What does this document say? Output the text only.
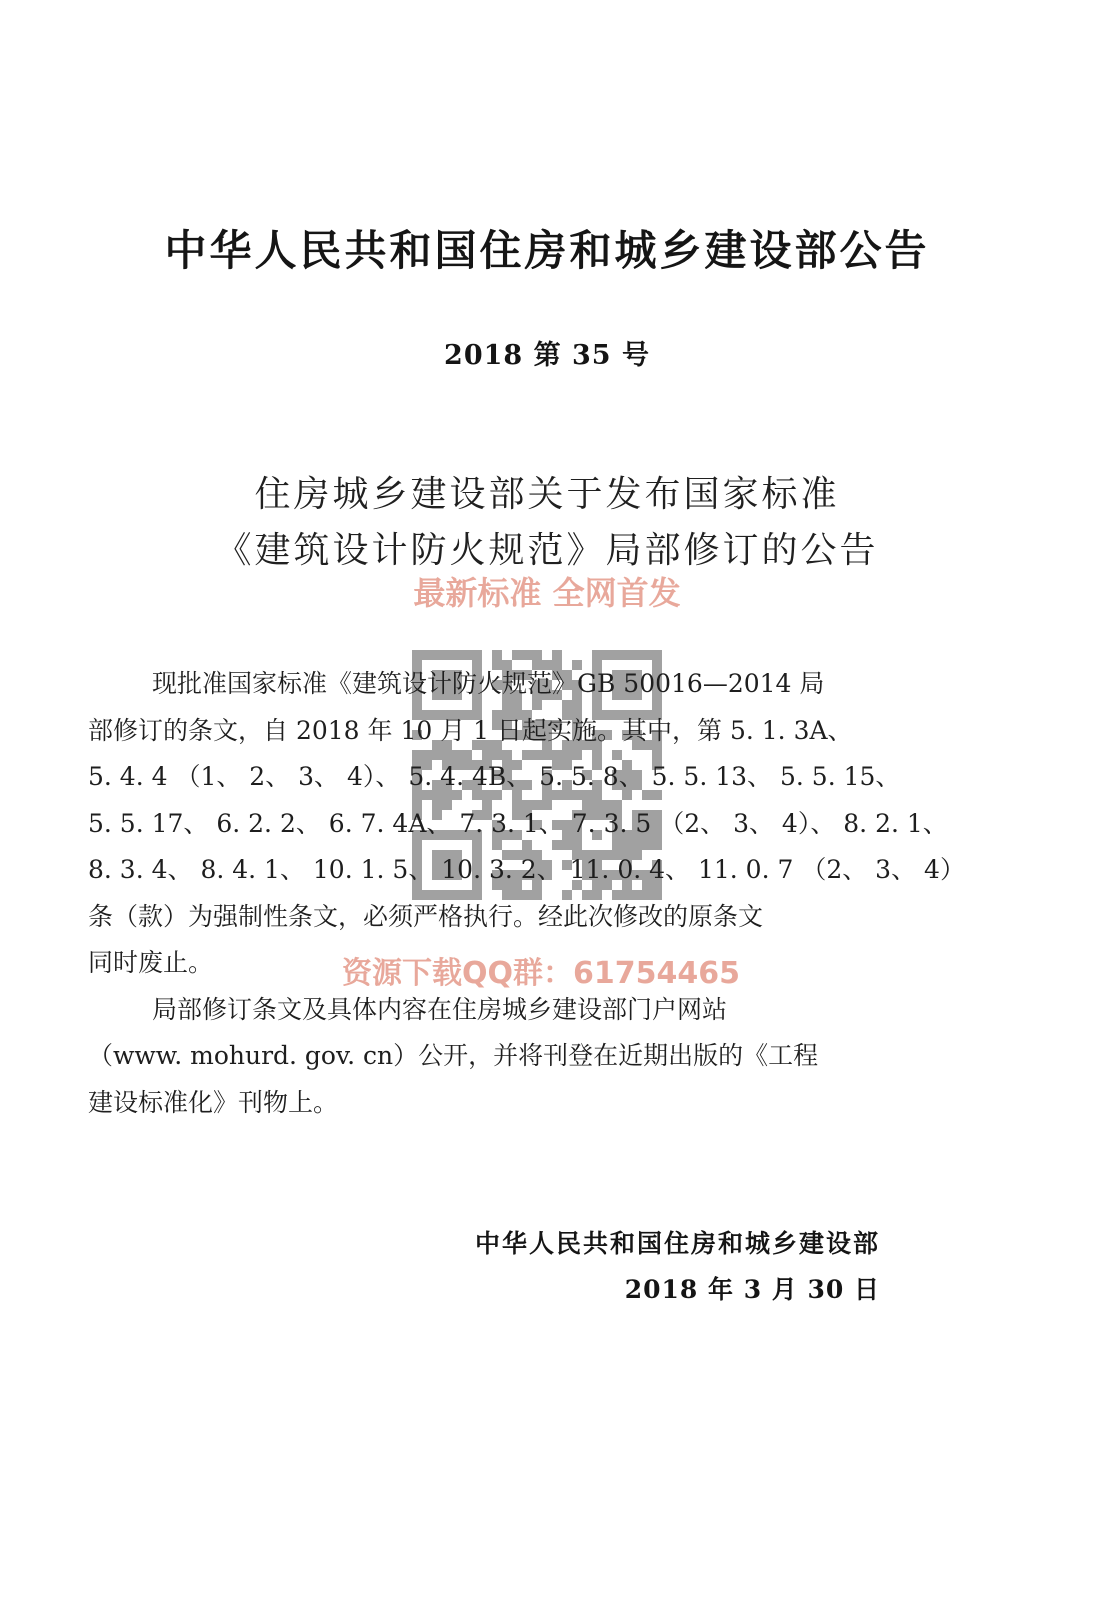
中华人民共和国住房和城乡建设部公告
2018 第 35 号
住房城乡建设部关于发布国家标准
《建筑设计防火规范》局部修订的公告
最新标准 全网首发
现批准国家标准《建筑设计防火规范》GB 50016—2014 局
部修订的条文，自 2018 年 10 月 1 日起实施。其中，第 5. 1. 3A、
5. 4. 4 （1、 2、 3、 4）、 5. 4. 4B、 5. 5. 8、 5. 5. 13、 5. 5. 15、
5. 5. 17、 6. 2. 2、 6. 7. 4A、 7. 3. 1、 7. 3. 5 （2、 3、 4）、 8. 2. 1、
8. 3. 4、 8. 4. 1、 10. 1. 5、 10. 3. 2、 11. 0. 4、 11. 0. 7 （2、 3、 4）
条（款）为强制性条文，必须严格执行。经此次修改的原条文
同时废止。
局部修订条文及具体内容在住房城乡建设部门户网站
（www. mohurd. gov. cn）公开，并将刊登在近期出版的《工程
建设标准化》刊物上。
资源下载QQ群：61754465
中华人民共和国住房和城乡建设部
2018 年 3 月 30 日
